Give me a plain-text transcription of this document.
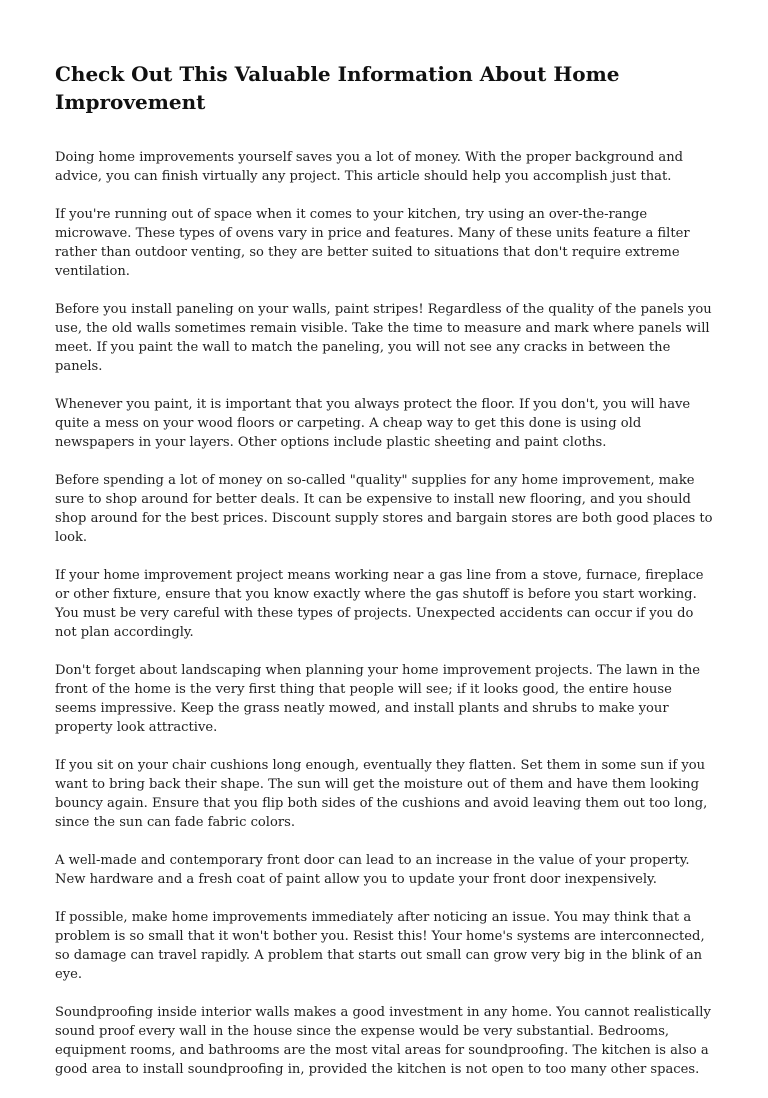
Check Out This Valuable Information About Home Improvement

Doing home improvements yourself saves you a lot of money. With the proper background and advice, you can finish virtually any project. This article should help you accomplish just that.

If you're running out of space when it comes to your kitchen, try using an over-the-range microwave. These types of ovens vary in price and features. Many of these units feature a filter rather than outdoor venting, so they are better suited to situations that don't require extreme ventilation.

Before you install paneling on your walls, paint stripes! Regardless of the quality of the panels you use, the old walls sometimes remain visible. Take the time to measure and mark where panels will meet. If you paint the wall to match the paneling, you will not see any cracks in between the panels.

Whenever you paint, it is important that you always protect the floor. If you don't, you will have quite a mess on your wood floors or carpeting. A cheap way to get this done is using old newspapers in your layers. Other options include plastic sheeting and paint cloths.

Before spending a lot of money on so-called "quality" supplies for any home improvement, make sure to shop around for better deals. It can be expensive to install new flooring, and you should shop around for the best prices. Discount supply stores and bargain stores are both good places to look.

If your home improvement project means working near a gas line from a stove, furnace, fireplace or other fixture, ensure that you know exactly where the gas shutoff is before you start working. You must be very careful with these types of projects. Unexpected accidents can occur if you do not plan accordingly.

Don't forget about landscaping when planning your home improvement projects. The lawn in the front of the home is the very first thing that people will see; if it looks good, the entire house seems impressive. Keep the grass neatly mowed, and install plants and shrubs to make your property look attractive.

If you sit on your chair cushions long enough, eventually they flatten. Set them in some sun if you want to bring back their shape. The sun will get the moisture out of them and have them looking bouncy again. Ensure that you flip both sides of the cushions and avoid leaving them out too long, since the sun can fade fabric colors.

A well-made and contemporary front door can lead to an increase in the value of your property. New hardware and a fresh coat of paint allow you to update your front door inexpensively.

If possible, make home improvements immediately after noticing an issue. You may think that a problem is so small that it won't bother you. Resist this! Your home's systems are interconnected, so damage can travel rapidly. A problem that starts out small can grow very big in the blink of an eye.

Soundproofing inside interior walls makes a good investment in any home. You cannot realistically sound proof every wall in the house since the expense would be very substantial. Bedrooms, equipment rooms, and bathrooms are the most vital areas for soundproofing. The kitchen is also a good area to install soundproofing in, provided the kitchen is not open to too many other spaces.
